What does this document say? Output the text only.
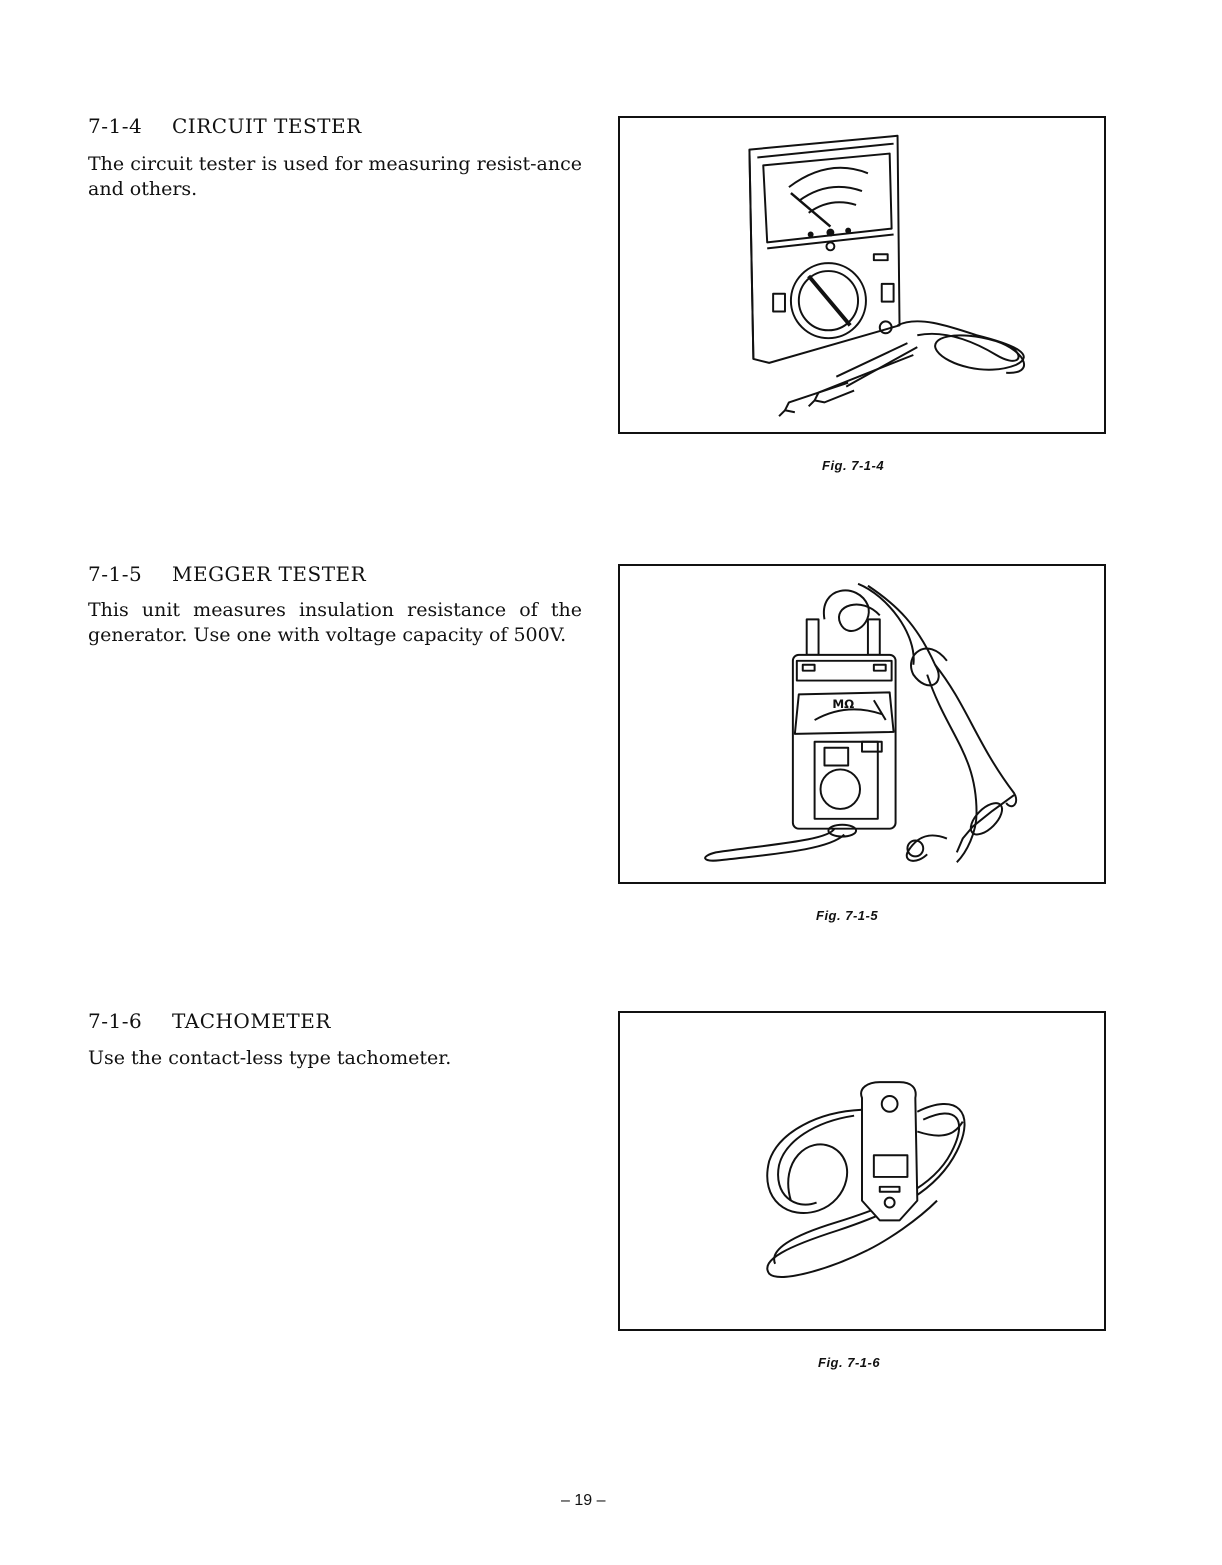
7-1-4 CIRCUIT TESTER
The circuit tester is used for measuring resist-ance and others.
Fig. 7-1-4
7-1-5 MEGGER TESTER
This unit measures insulation resistance of the generator. Use one with voltage capacity of 500V.
MΩ
Fig. 7-1-5
7-1-6 TACHOMETER
Use the contact-less type tachometer.
Fig. 7-1-6
– 19 –
